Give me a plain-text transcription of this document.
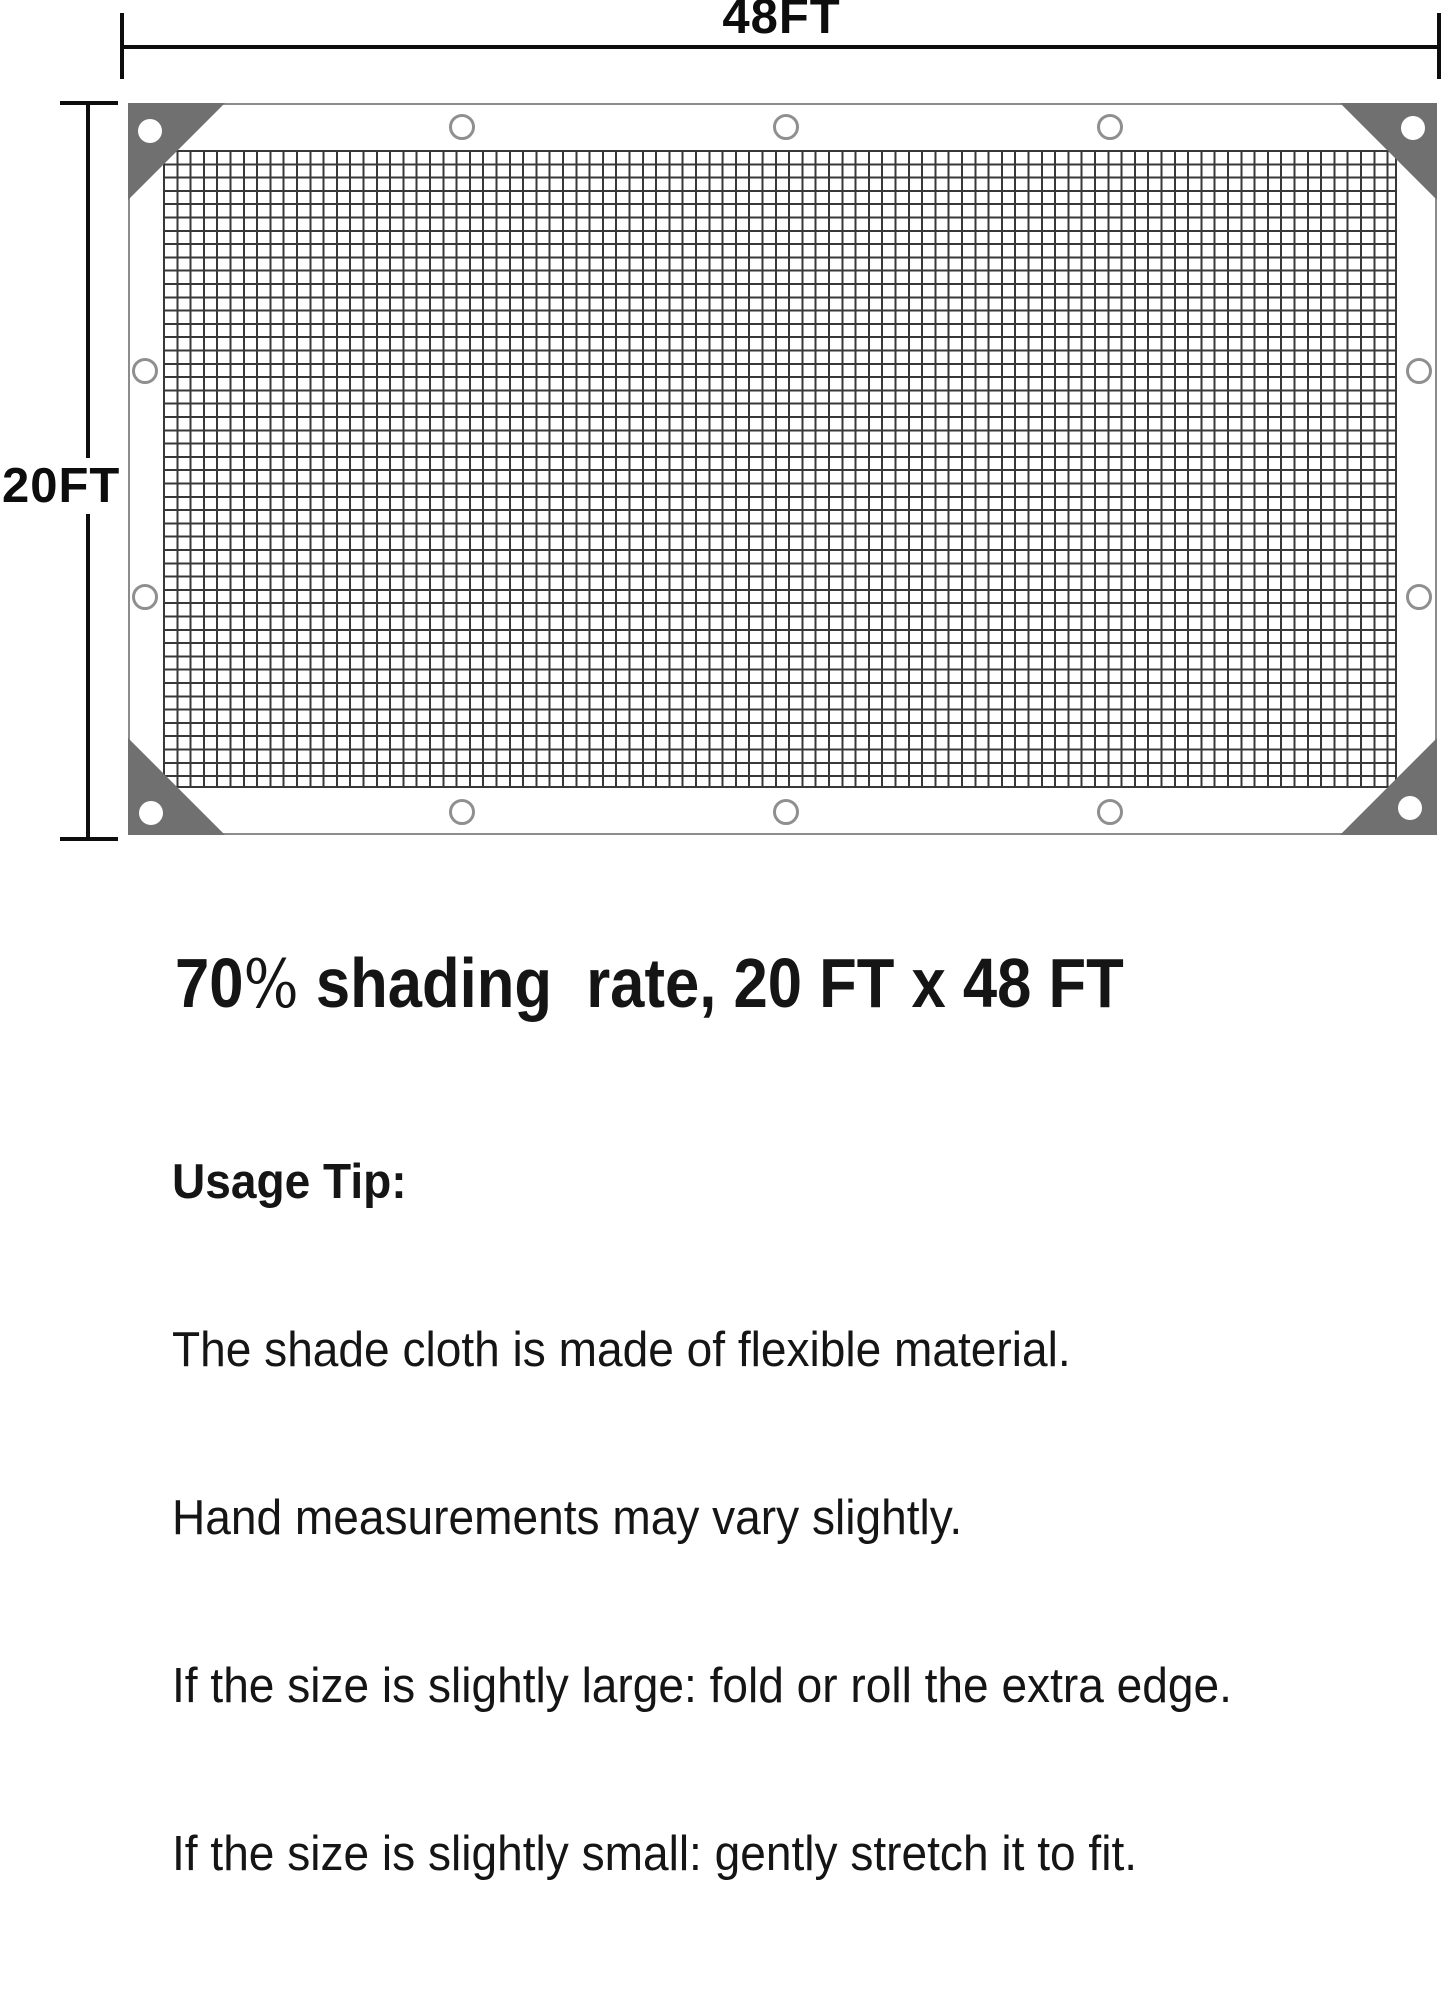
48FT
20FT
70% shading  rate, 20 FT x 48 FT

Usage Tip:

The shade cloth is made of flexible material.

Hand measurements may vary slightly.

If the size is slightly large: fold or roll the extra edge.

If the size is slightly small: gently stretch it to fit.
